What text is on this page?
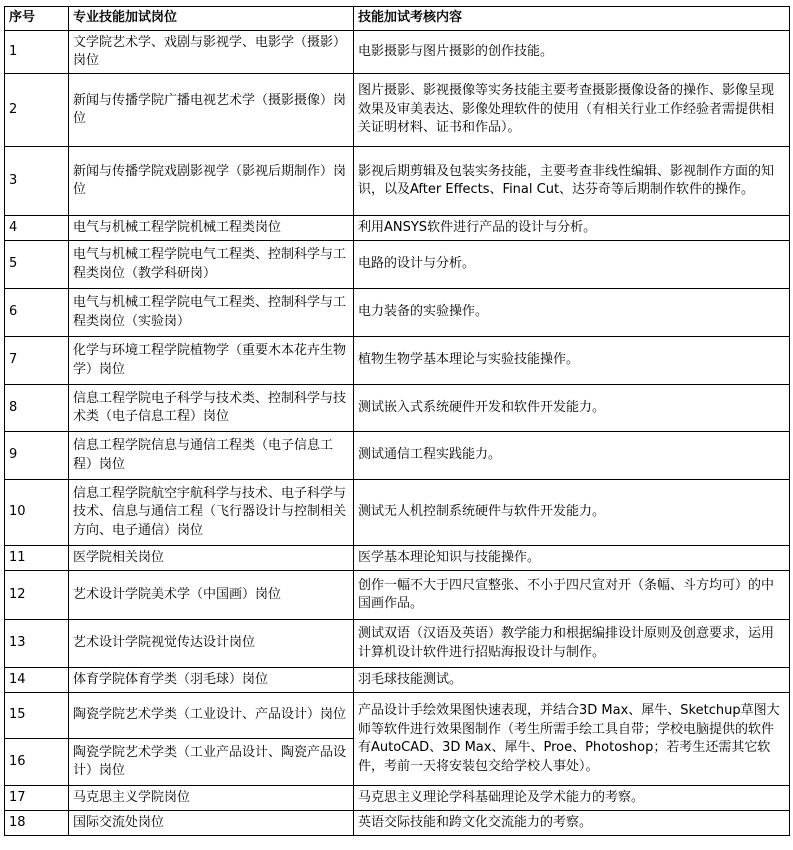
序号	专业技能加试岗位	技能加试考核内容
1	文学院艺术学、戏剧与影视学、电影学（摄影）岗位	电影摄影与图片摄影的创作技能。
2	新闻与传播学院广播电视艺术学（摄影摄像）岗位	图片摄影、影视摄像等实务技能主要考查摄影摄像设备的操作、影像呈现效果及审美表达、影像处理软件的使用（有相关行业工作经验者需提供相关证明材料、证书和作品）。
3	新闻与传播学院戏剧影视学（影视后期制作）岗位	影视后期剪辑及包装实务技能，主要考查非线性编辑、影视制作方面的知识，以及After Effects、Final Cut、达芬奇等后期制作软件的操作。
4	电气与机械工程学院机械工程类岗位	利用ANSYS软件进行产品的设计与分析。
5	电气与机械工程学院电气工程类、控制科学与工程类岗位（教学科研岗）	电路的设计与分析。
6	电气与机械工程学院电气工程类、控制科学与工程类岗位（实验岗）	电力装备的实验操作。
7	化学与环境工程学院植物学（重要木本花卉生物学）岗位	植物生物学基本理论与实验技能操作。
8	信息工程学院电子科学与技术类、控制科学与技术类（电子信息工程）岗位	测试嵌入式系统硬件开发和软件开发能力。
9	信息工程学院信息与通信工程类（电子信息工程）岗位	测试通信工程实践能力。
10	信息工程学院航空宇航科学与技术、电子科学与技术、信息与通信工程（飞行器设计与控制相关方向、电子通信）岗位	测试无人机控制系统硬件与软件开发能力。
11	医学院相关岗位	医学基本理论知识与技能操作。
12	艺术设计学院美术学（中国画）岗位	创作一幅不大于四尺宣整张、不小于四尺宣对开（条幅、斗方均可）的中国画作品。
13	艺术设计学院视觉传达设计岗位	测试双语（汉语及英语）教学能力和根据编排设计原则及创意要求，运用计算机设计软件进行招贴海报设计与制作。
14	体育学院体育学类（羽毛球）岗位	羽毛球技能测试。
15	陶瓷学院艺术学类（工业设计、产品设计）岗位	产品设计手绘效果图快速表现，并结合3D Max、犀牛、Sketchup草图大师等软件进行效果图制作（考生所需手绘工具自带；学校电脑提供的软件有AutoCAD、3D Max、犀牛、Proe、Photoshop；若考生还需其它软件，考前一天将安装包交给学校人事处）。
16	陶瓷学院艺术学类（工业产品设计、陶瓷产品设计）岗位	
17	马克思主义学院岗位	马克思主义理论学科基础理论及学术能力的考察。
18	国际交流处岗位	英语交际技能和跨文化交流能力的考察。
